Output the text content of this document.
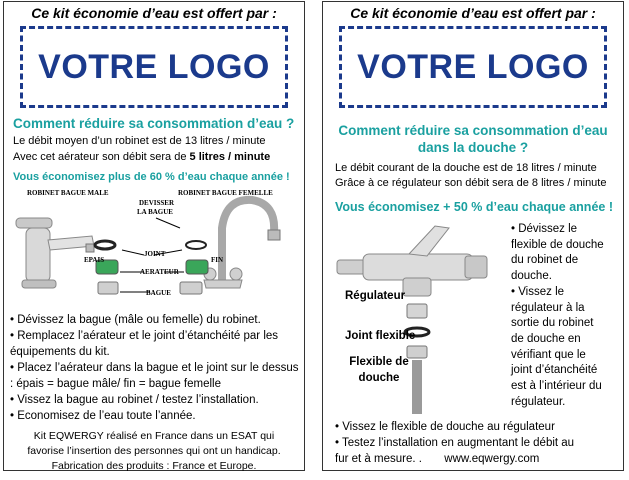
Ce kit économie d’eau est offert par :
VOTRE LOGO
Comment réduire sa consommation d’eau ?
Le débit moyen d’un robinet est de 13 litres / minute
Avec cet aérateur son débit sera de 5 litres / minute
Vous économisez plus de 60 % d’eau chaque année !
ROBINET BAGUE MALE	ROBINET BAGUE FEMELLE
DEVISSER
LA BAGUE
JOINT
EPAIS	FIN
AERATEUR
BAGUE
• Dévissez la bague (mâle ou femelle) du robinet.
• Remplacez l’aérateur et le joint d’étanchéité par les équipements du kit.
• Placez l’aérateur dans la bague et le joint sur le dessus : épais = bague mâle/ fin = bague femelle
• Vissez la bague au robinet / testez l’installation.
• Economisez de l’eau toute l’année.
Kit EQWERGY réalisé en France dans un ESAT qui
favorise l’insertion des personnes qui ont un handicap.
Fabrication des produits : France et Europe.
Ce kit économie d’eau est offert par :
VOTRE LOGO
Comment réduire sa consommation d’eau dans la douche ?
Le débit courant de la douche est de 18 litres / minute
Grâce à ce régulateur son débit sera de 8 litres / minute
Vous économisez + 50 % d’eau chaque année !
Régulateur
Joint flexible
Flexible de
douche
• Dévissez le
flexible de douche
du robinet de
douche.
• Vissez le
régulateur à la
sortie du robinet
de douche en
vérifiant que le
joint d’étanchéité
est à l’intérieur du
régulateur.
• Vissez le flexible de douche au régulateur
• Testez l’installation en augmentant le débit au
fur et à mesure. .       www.eqwergy.com
